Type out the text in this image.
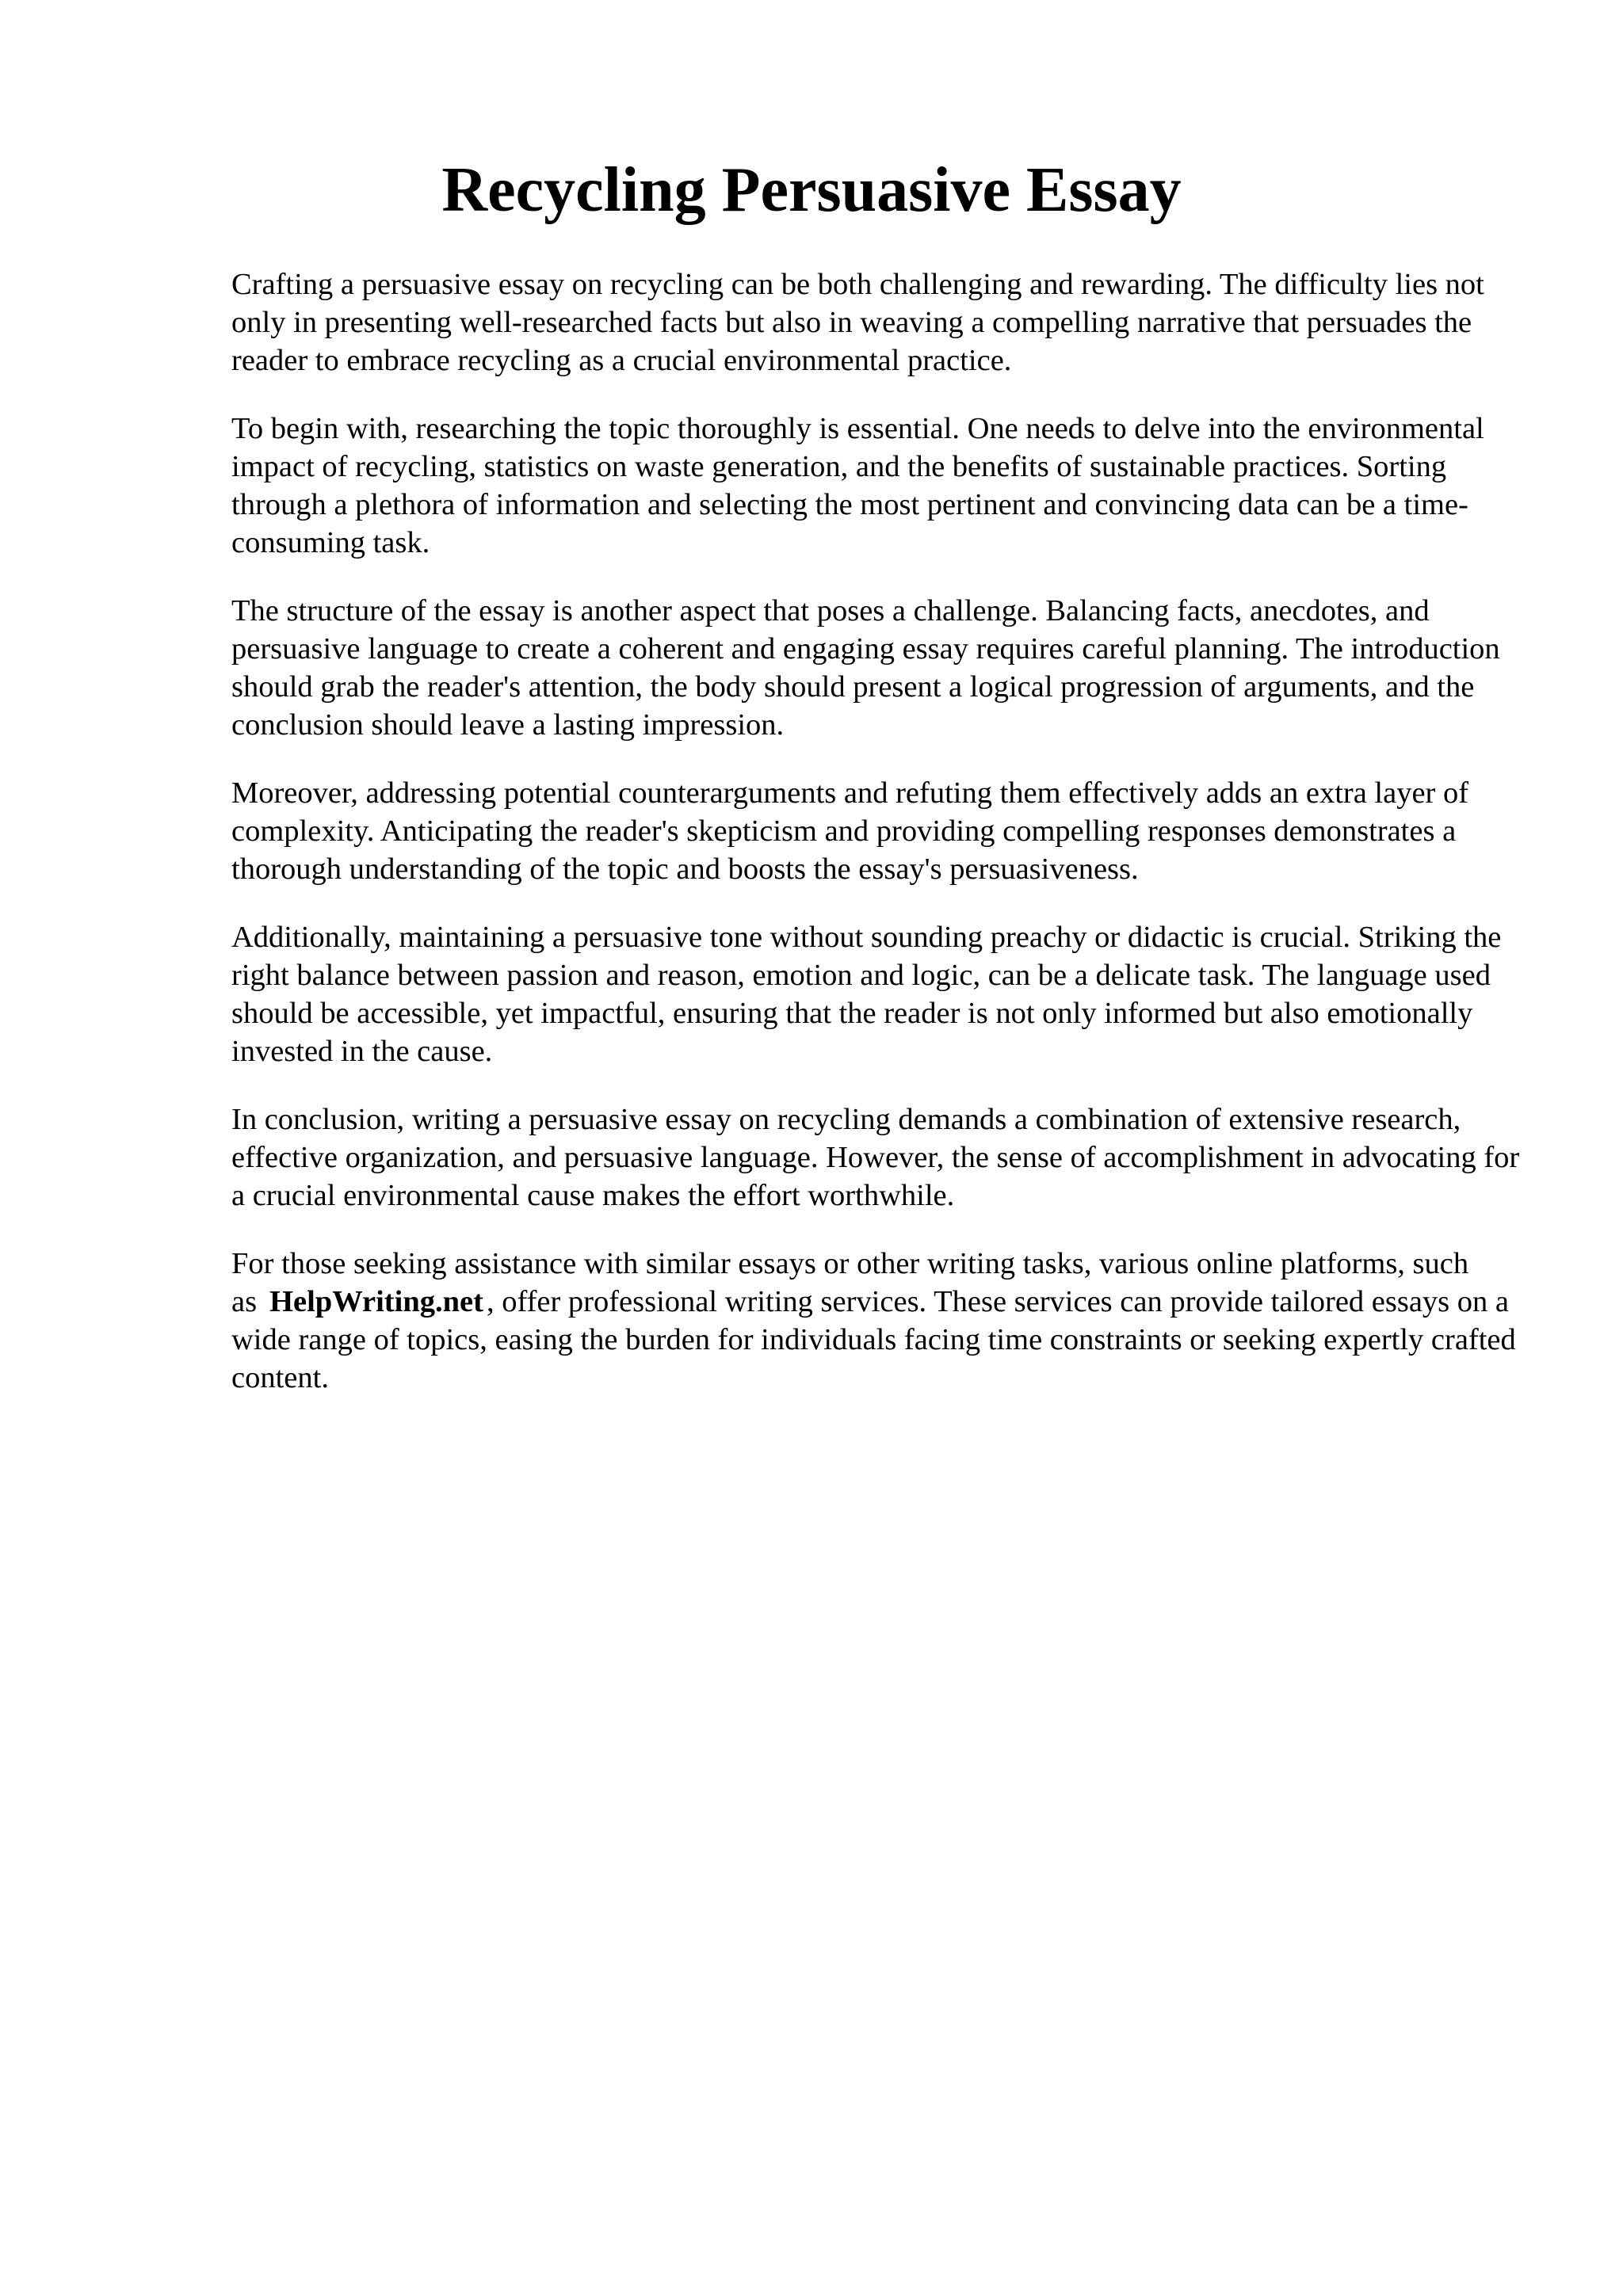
Recycling Persuasive Essay

Crafting a persuasive essay on recycling can be both challenging and rewarding. The difficulty lies not only in presenting well-researched facts but also in weaving a compelling narrative that persuades the reader to embrace recycling as a crucial environmental practice.

To begin with, researching the topic thoroughly is essential. One needs to delve into the environmental impact of recycling, statistics on waste generation, and the benefits of sustainable practices. Sorting through a plethora of information and selecting the most pertinent and convincing data can be a time-consuming task.

The structure of the essay is another aspect that poses a challenge. Balancing facts, anecdotes, and persuasive language to create a coherent and engaging essay requires careful planning. The introduction should grab the reader's attention, the body should present a logical progression of arguments, and the conclusion should leave a lasting impression.

Moreover, addressing potential counterarguments and refuting them effectively adds an extra layer of complexity. Anticipating the reader's skepticism and providing compelling responses demonstrates a thorough understanding of the topic and boosts the essay's persuasiveness.

Additionally, maintaining a persuasive tone without sounding preachy or didactic is crucial. Striking the right balance between passion and reason, emotion and logic, can be a delicate task. The language used should be accessible, yet impactful, ensuring that the reader is not only informed but also emotionally invested in the cause.

In conclusion, writing a persuasive essay on recycling demands a combination of extensive research, effective organization, and persuasive language. However, the sense of accomplishment in advocating for a crucial environmental cause makes the effort worthwhile.

For those seeking assistance with similar essays or other writing tasks, various online platforms, such as HelpWriting.net , offer professional writing services. These services can provide tailored essays on a wide range of topics, easing the burden for individuals facing time constraints or seeking expertly crafted content.
